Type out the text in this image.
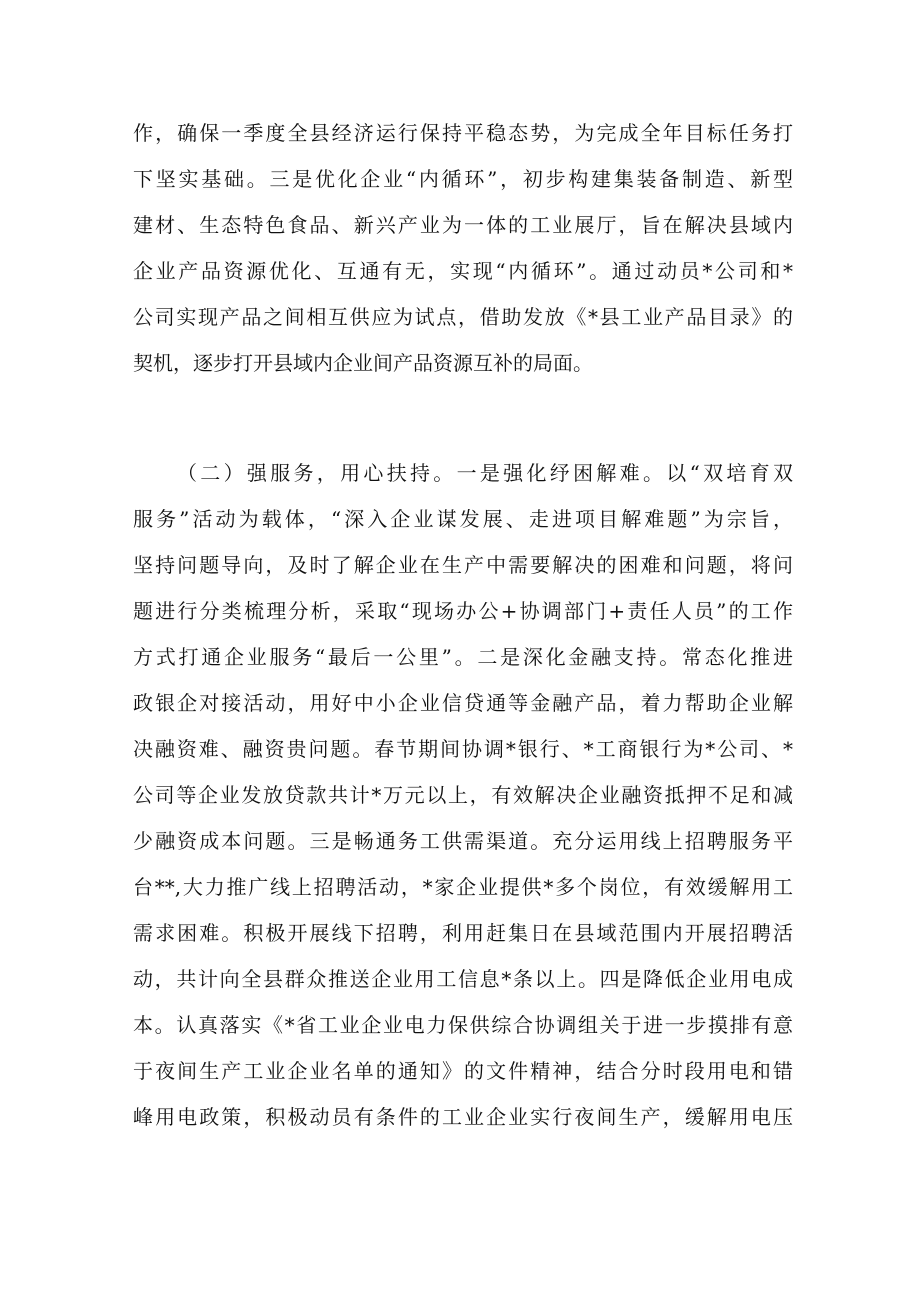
作，确保一季度全县经济运行保持平稳态势，为完成全年目标任务打
下坚实基础。三是优化企业“内循环”，初步构建集装备制造、新型
建材、生态特色食品、新兴产业为一体的工业展厅，旨在解决县域内
企业产品资源优化、互通有无，实现“内循环”。通过动员*公司和*
公司实现产品之间相互供应为试点，借助发放《*县工业产品目录》的
契机，逐步打开县域内企业间产品资源互补的局面。
（二）强服务，用心扶持。一是强化纾困解难。以“双培育双
服务”活动为载体，“深入企业谋发展、走进项目解难题”为宗旨，
坚持问题导向，及时了解企业在生产中需要解决的困难和问题，将问
题进行分类梳理分析，采取“现场办公+协调部门+责任人员”的工作
方式打通企业服务“最后一公里”。二是深化金融支持。常态化推进
政银企对接活动，用好中小企业信贷通等金融产品，着力帮助企业解
决融资难、融资贵问题。春节期间协调*银行、*工商银行为*公司、*
公司等企业发放贷款共计*万元以上，有效解决企业融资抵押不足和减
少融资成本问题。三是畅通务工供需渠道。充分运用线上招聘服务平
台**,大力推广线上招聘活动，*家企业提供*多个岗位，有效缓解用工
需求困难。积极开展线下招聘，利用赶集日在县域范围内开展招聘活
动，共计向全县群众推送企业用工信息*条以上。四是降低企业用电成
本。认真落实《*省工业企业电力保供综合协调组关于进一步摸排有意
于夜间生产工业企业名单的通知》的文件精神，结合分时段用电和错
峰用电政策，积极动员有条件的工业企业实行夜间生产，缓解用电压
